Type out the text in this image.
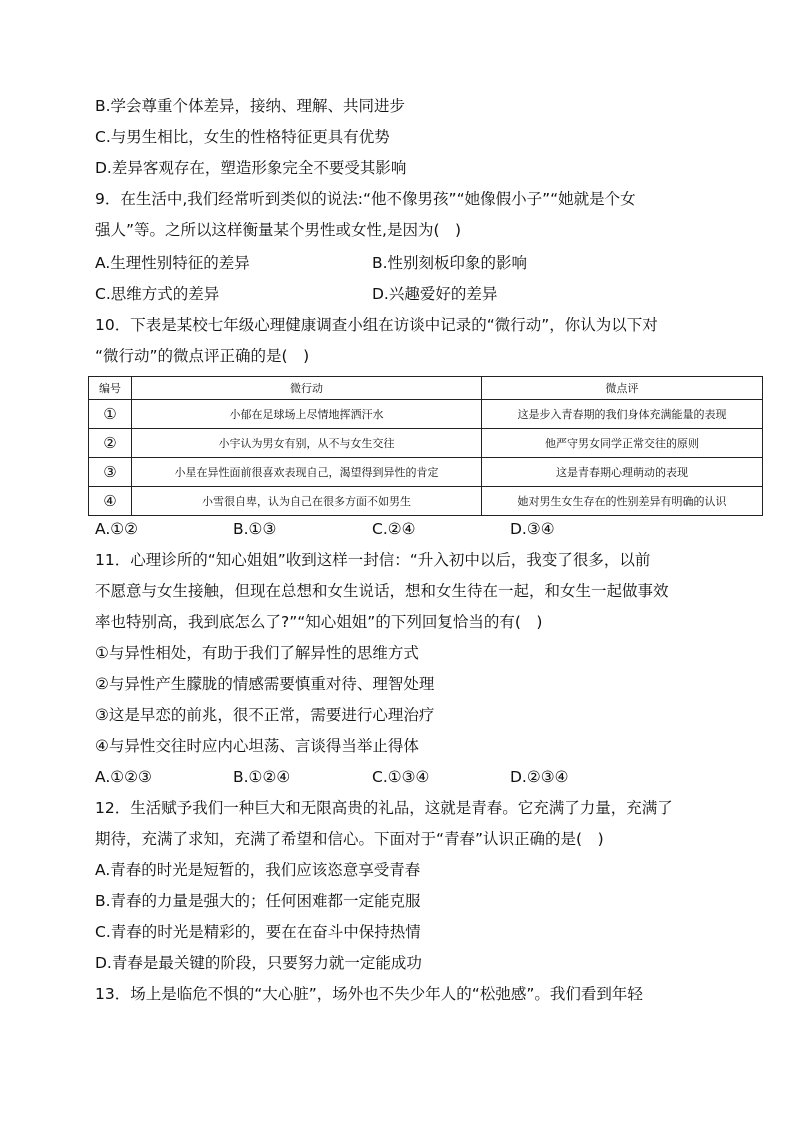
B.学会尊重个体差异，接纳、理解、共同进步
C.与男生相比，女生的性格特征更具有优势
D.差异客观存在，塑造形象完全不要受其影响
9．在生活中,我们经常听到类似的说法:“他不像男孩”“她像假小子”“她就是个女
强人”等。之所以这样衡量某个男性或女性,是因为(　)
A.生理性别特征的差异	B.性别刻板印象的影响
C.思维方式的差异	D.兴趣爱好的差异
10．下表是某校七年级心理健康调查小组在访谈中记录的“微行动”，你认为以下对
“微行动”的微点评正确的是(　)
编号	微行动	微点评
①	小郁在足球场上尽情地挥洒汗水	这是步入青春期的我们身体充满能量的表现
②	小宇认为男女有别，从不与女生交往	他严守男女同学正常交往的原则
③	小星在异性面前很喜欢表现自己，渴望得到异性的肯定	这是青春期心理萌动的表现
④	小雪很自卑，认为自己在很多方面不如男生	她对男生女生存在的性别差异有明确的认识
A.①②	B.①③	C.②④	D.③④
11．心理诊所的“知心姐姐”收到这样一封信：“升入初中以后，我变了很多，以前
不愿意与女生接触，但现在总想和女生说话，想和女生待在一起，和女生一起做事效
率也特别高，我到底怎么了?”“知心姐姐”的下列回复恰当的有(　)
①与异性相处，有助于我们了解异性的思维方式
②与异性产生朦胧的情感需要慎重对待、理智处理
③这是早恋的前兆，很不正常，需要进行心理治疗
④与异性交往时应内心坦荡、言谈得当举止得体
A.①②③	B.①②④	C.①③④	D.②③④
12．生活赋予我们一种巨大和无限高贵的礼品，这就是青春。它充满了力量，充满了
期待，充满了求知，充满了希望和信心。下面对于“青春”认识正确的是(　)
A.青春的时光是短暂的，我们应该恣意享受青春
B.青春的力量是强大的；任何困难都一定能克服
C.青春的时光是精彩的，要在在奋斗中保持热情
D.青春是最关键的阶段，只要努力就一定能成功
13．场上是临危不惧的“大心脏”，场外也不失少年人的“松弛感”。我们看到年轻
